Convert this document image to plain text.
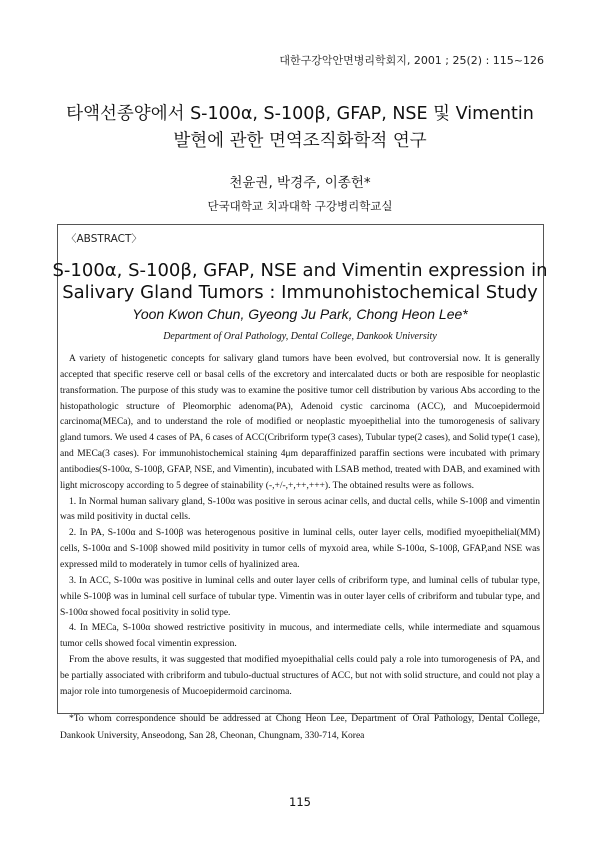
대한구강악안면병리학회지, 2001 ; 25(2) : 115~126
타액선종양에서 S-100α, S-100β, GFAP, NSE 및 Vimentin
발현에 관한 면역조직화학적 연구
천윤권, 박경주, 이종헌*
단국대학교 치과대학 구강병리학교실
〈ABSTRACT〉
S-100α, S-100β, GFAP, NSE and Vimentin expression in
Salivary Gland Tumors : Immunohistochemical Study
Yoon Kwon Chun, Gyeong Ju Park, Chong Heon Lee*
Department of Oral Pathology, Dental College, Dankook University

A variety of histogenetic concepts for salivary gland tumors have been evolved, but controversial now. It is generally accepted that specific reserve cell or basal cells of the excretory and intercalated ducts or both are resposible for neoplastic transformation. The purpose of this study was to examine the positive tumor cell distribution by various Abs according to the histopathologic structure of Pleomorphic adenoma(PA), Adenoid cystic carcinoma (ACC), and Mucoepidermoid carcinoma(MECa), and to understand the role of modified or neoplastic myoepithelial into the tumorogenesis of salivary gland tumors. We used 4 cases of PA, 6 cases of ACC(Cribriform type(3 cases), Tubular type(2 cases), and Solid type(1 case), and MECa(3 cases). For immunohistochemical staining 4μm deparaffinized paraffin sections were incubated with primary antibodies(S-100α, S-100β, GFAP, NSE, and Vimentin), incubated with LSAB method, treated with DAB, and examined with light microscopy according to 5 degree of stainability (-,+/-,+,++,+++). The obtained results were as follows.

1. In Normal human salivary gland, S-100α was positive in serous acinar cells, and ductal cells, while S-100β and vimentin was mild positivity in ductal cells.

2. In PA, S-100α and S-100β was heterogenous positive in luminal cells, outer layer cells, modified myoepithelial(MM) cells, S-100α and S-100β showed mild positivity in tumor cells of myxoid area, while S-100α, S-100β, GFAP,and NSE was expressed mild to moderately in tumor cells of hyalinized area.

3. In ACC, S-100α was positive in luminal cells and outer layer cells of cribriform type, and luminal cells of tubular type, while S-100β was in luminal cell surface of tubular type. Vimentin was in outer layer cells of cribriform and tubular type, and S-100α showed focal positivity in solid type.

4. In MECa, S-100α showed restrictive positivity in mucous, and intermediate cells, while intermediate and squamous tumor cells showed focal vimentin expression.

From the above results, it was suggested that modified myoepithalial cells could paly a role into tumorogenesis of PA, and be partially associated with cribriform and tubulo-ductual structures of ACC, but not with solid structure, and could not play a major role into tumorgenesis of Mucoepidermoid carcinoma.

*To whom correspondence should be addressed at Chong Heon Lee, Department of Oral Pathology, Dental College, Dankook University, Anseodong, San 28, Cheonan, Chungnam, 330-714, Korea
115
